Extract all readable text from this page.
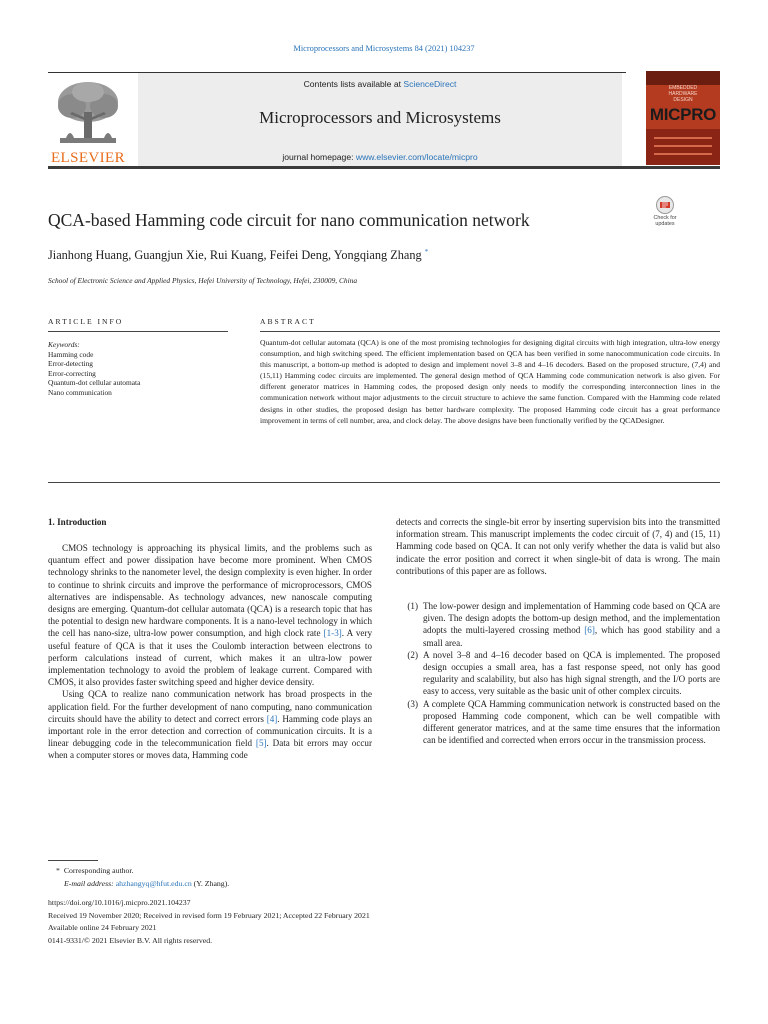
Microprocessors and Microsystems 84 (2021) 104237
ELSEVIER
Contents lists available at ScienceDirect
Microprocessors and Microsystems
journal homepage: www.elsevier.com/locate/micpro
EMBEDDED
HARDWARE
DESIGN
MICPRO
QCA-based Hamming code circuit for nano communication network	Check for updates
Jianhong Huang, Guangjun Xie, Rui Kuang, Feifei Deng, Yongqiang Zhang *
School of Electronic Science and Applied Physics, Hefei University of Technology, Hefei, 230009, China
ARTICLE INFO	ABSTRACT
Keywords:
Hamming code
Error-detecting
Error-correcting
Quantum-dot cellular automata
Nano communication
Quantum-dot cellular automata (QCA) is one of the most promising technologies for designing digital circuits with high integration, ultra-low energy consumption, and high switching speed. The efficient implementation based on QCA has been verified in some nanocommunication code circuits. In this manuscript, a bottom-up method is adopted to design and implement novel 3–8 and 4–16 decoders. Based on the proposed structure, (7,4) and (15,11) Hamming codec circuits are implemented. The general design method of QCA Hamming code communication network is also given. For different generator matrices in Hamming codes, the proposed design only needs to modify the corresponding interconnection lines in the communication network without major adjustments to the circuit structure to achieve the same function. Compared with the Hamming code related designs in other studies, the proposed design has better hardware complexity. The proposed Hamming code circuit has a great performance improvement in terms of cell number, area, and clock delay. The above designs have been functionally verified by the QCADesigner.
1. Introduction

CMOS technology is approaching its physical limits, and the problems such as quantum effect and power dissipation have become more prominent. When CMOS technology shrinks to the nanometer level, the design complexity is even higher. In order to continue to shrink circuits and improve the performance of microprocessors, CMOS alternatives are indispensable. As technology advances, new nanoscale computing designs are emerging. Quantum-dot cellular automata (QCA) is a research topic that has the potential to design new hardware components. It is a nano-level technology in which the cell has nano-size, ultra-low power consumption, and high clock rate [1-3]. A very useful feature of QCA is that it uses the Coulomb interaction between electrons to perform calculations instead of current, which makes it an ultra-low power implementation technology to avoid the problem of leakage current. Compared with CMOS, it also provides faster switching speed and higher device density.

Using QCA to realize nano communication network has broad prospects in the application field. For the further development of nano computing, nano communication circuits should have the ability to detect and correct errors [4]. Hamming code plays an important role in the error detection and correction of communication circuits. It is a linear debugging code in the telecommunication field [5]. Data bit errors may occur when a computer stores or moves data, Hamming code

detects and corrects the single-bit error by inserting supervision bits into the transmitted information stream. This manuscript implements the codec circuit of (7, 4) and (15, 11) Hamming code based on QCA. It can not only verify whether the data is valid but also indicate the error position and correct it when single-bit of data is wrong. The main contributions of this paper are as follows.

(1) The low-power design and implementation of Hamming code based on QCA are given. The design adopts the bottom-up design method, and the implementation adopts the multi-layered crossing method [6], which has good stability and a small area.
(2) A novel 3–8 and 4–16 decoder based on QCA is implemented. The proposed design occupies a small area, has a fast response speed, not only has good regularity and scalability, but also has high signal strength, and the I/O ports are easy to access, very suitable as the basic unit of other complex circuits.
(3) A complete QCA Hamming communication network is constructed based on the proposed Hamming code component, which can be well compatible with different generator matrices, and at the same time ensures that the information can be identified and corrected when errors occur in the transmission process.
* Corresponding author.
E-mail address: ahzhangyq@hfut.edu.cn (Y. Zhang).
https://doi.org/10.1016/j.micpro.2021.104237
Received 19 November 2020; Received in revised form 19 February 2021; Accepted 22 February 2021
Available online 24 February 2021
0141-9331/© 2021 Elsevier B.V. All rights reserved.
